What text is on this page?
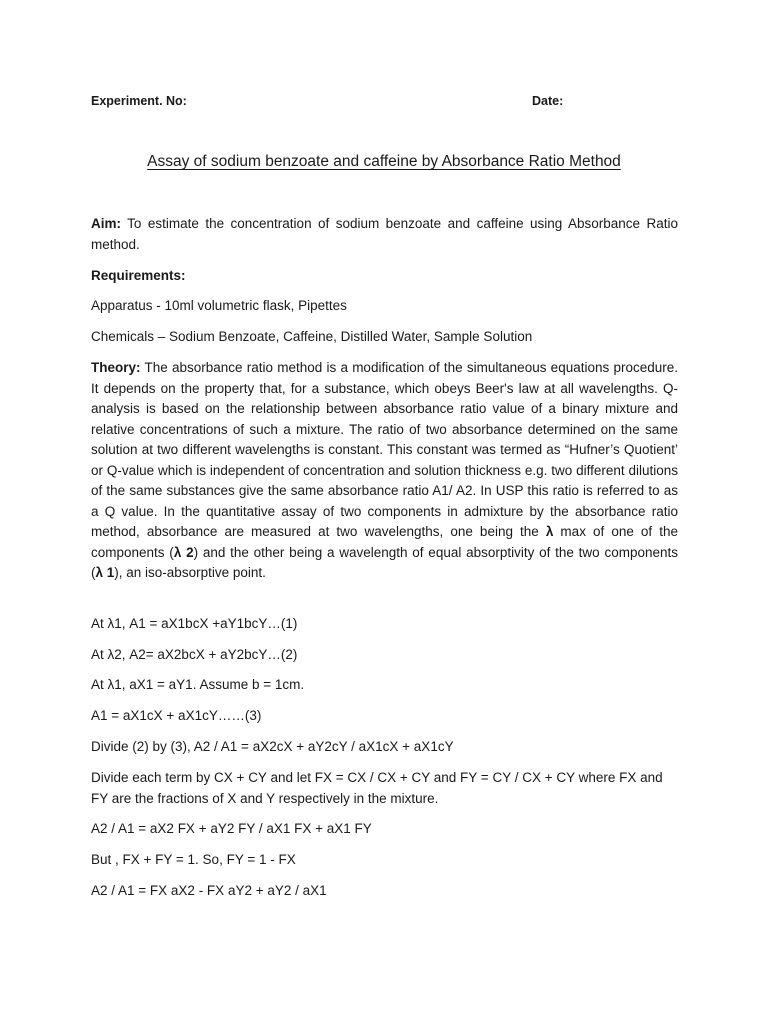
Experiment. No:	Date:
Assay of sodium benzoate and caffeine by Absorbance Ratio Method
Aim: To estimate the concentration of sodium benzoate and caffeine using Absorbance Ratio method.
Requirements:
Apparatus - 10ml volumetric flask, Pipettes
Chemicals – Sodium Benzoate, Caffeine, Distilled Water, Sample Solution
Theory: The absorbance ratio method is a modification of the simultaneous equations procedure. It depends on the property that, for a substance, which obeys Beer's law at all wavelengths. Q-analysis is based on the relationship between absorbance ratio value of a binary mixture and relative concentrations of such a mixture. The ratio of two absorbance determined on the same solution at two different wavelengths is constant. This constant was termed as “Hufner’s Quotient’ or Q-value which is independent of concentration and solution thickness e.g. two different dilutions of the same substances give the same absorbance ratio A1/ A2. In USP this ratio is referred to as a Q value. In the quantitative assay of two components in admixture by the absorbance ratio method, absorbance are measured at two wavelengths, one being the λ max of one of the components (λ 2) and the other being a wavelength of equal absorptivity of the two components (λ 1), an iso-absorptive point.
At λ1, A1 = aX1bcX +aY1bcY…(1)
At λ2, A2= aX2bcX + aY2bcY…(2)
At λ1, aX1 = aY1. Assume b = 1cm.
A1 = aX1cX + aX1cY……(3)
Divide (2) by (3), A2 / A1 = aX2cX + aY2cY / aX1cX + aX1cY
Divide each term by CX + CY and let FX = CX / CX + CY and FY = CY / CX + CY where FX and FY are the fractions of X and Y respectively in the mixture.
A2 / A1 = aX2 FX + aY2 FY / aX1 FX + aX1 FY
But , FX + FY = 1. So, FY = 1 - FX
A2 / A1 = FX aX2 - FX aY2 + aY2 / aX1
